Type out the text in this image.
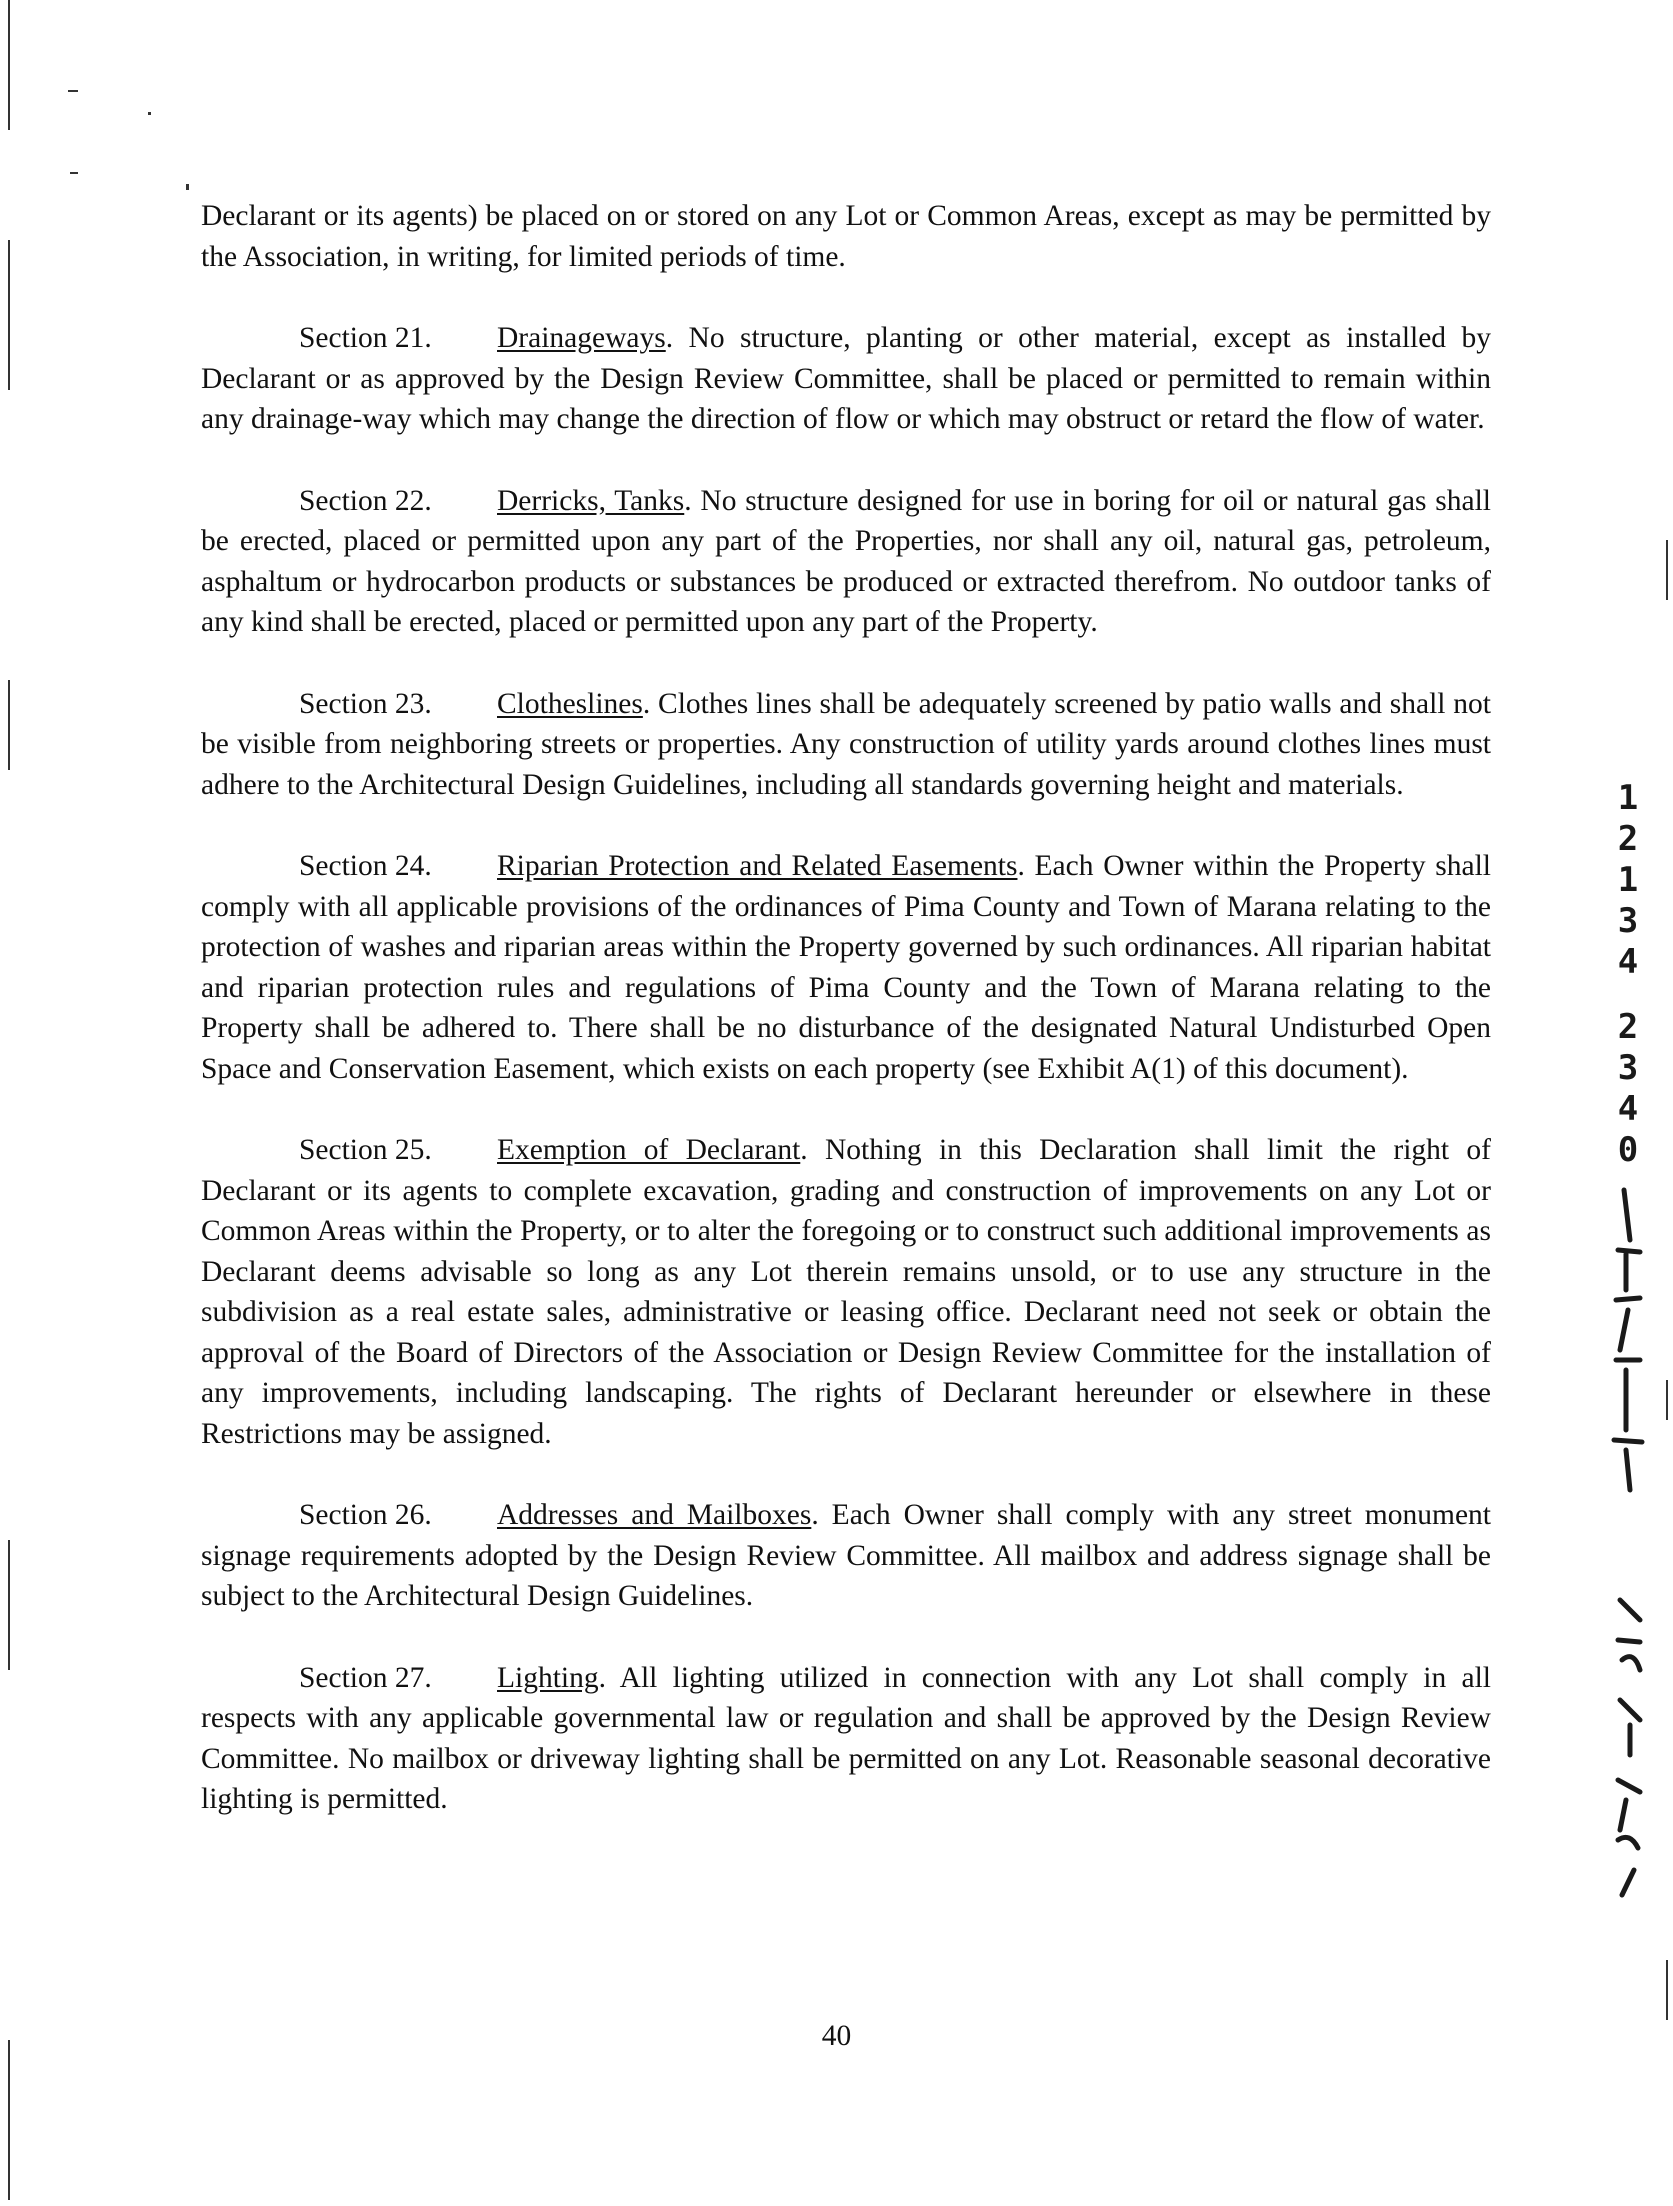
Declarant or its agents) be placed on or stored on any Lot or Common Areas, except as may be permitted by the Association, in writing, for limited periods of time.

Section 21. Drainageways. No structure, planting or other material, except as installed by Declarant or as approved by the Design Review Committee, shall be placed or permitted to remain within any drainage-way which may change the direction of flow or which may obstruct or retard the flow of water.

Section 22. Derricks, Tanks. No structure designed for use in boring for oil or natural gas shall be erected, placed or permitted upon any part of the Properties, nor shall any oil, natural gas, petroleum, asphaltum or hydrocarbon products or substances be produced or extracted therefrom. No outdoor tanks of any kind shall be erected, placed or permitted upon any part of the Property.

Section 23. Clotheslines. Clothes lines shall be adequately screened by patio walls and shall not be visible from neighboring streets or properties. Any construction of utility yards around clothes lines must adhere to the Architectural Design Guidelines, including all standards governing height and materials.

Section 24. Riparian Protection and Related Easements. Each Owner within the Property shall comply with all applicable provisions of the ordinances of Pima County and Town of Marana relating to the protection of washes and riparian areas within the Property governed by such ordinances. All riparian habitat and riparian protection rules and regulations of Pima County and the Town of Marana relating to the Property shall be adhered to. There shall be no disturbance of the designated Natural Undisturbed Open Space and Conservation Easement, which exists on each property (see Exhibit A(1) of this document).

Section 25. Exemption of Declarant. Nothing in this Declaration shall limit the right of Declarant or its agents to complete excavation, grading and construction of improvements on any Lot or Common Areas within the Property, or to alter the foregoing or to construct such additional improvements as Declarant deems advisable so long as any Lot therein remains unsold, or to use any structure in the subdivision as a real estate sales, administrative or leasing office. Declarant need not seek or obtain the approval of the Board of Directors of the Association or Design Review Committee for the installation of any improvements, including landscaping. The rights of Declarant hereunder or elsewhere in these Restrictions may be assigned.

Section 26. Addresses and Mailboxes. Each Owner shall comply with any street monument signage requirements adopted by the Design Review Committee. All mailbox and address signage shall be subject to the Architectural Design Guidelines.

Section 27. Lighting. All lighting utilized in connection with any Lot shall comply in all respects with any applicable governmental law or regulation and shall be approved by the Design Review Committee. No mailbox or driveway lighting shall be permitted on any Lot. Reasonable seasonal decorative lighting is permitted.

1
2
1
3
4
2
3
4
0
40
